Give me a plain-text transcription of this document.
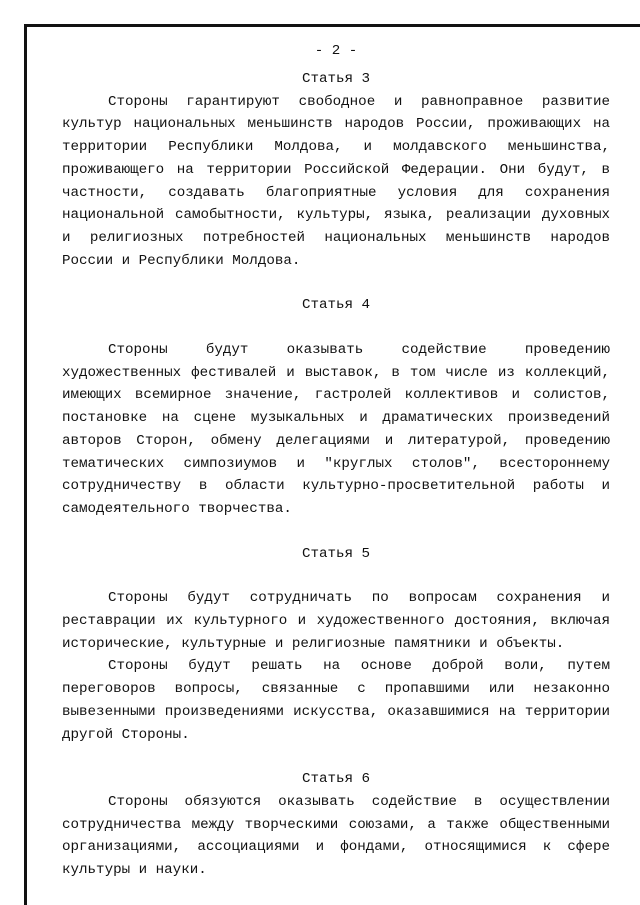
- 2 -
Статья 3

Стороны гарантируют свободное и равноправное развитие культур национальных меньшинств народов России, проживающих на территории Республики Молдова, и молдавского меньшинства, проживающего на территории Российской Федерации. Они будут, в частности, создавать благоприятные условия для сохранения национальной самобытности, культуры, языка, реализации духовных и религиозных потребностей национальных меньшинств народов России и Республики Молдова.

Статья 4

Стороны будут оказывать содействие проведению художественных фестивалей и выставок, в том числе из коллекций, имеющих всемирное значение, гастролей коллективов и солистов, постановке на сцене музыкальных и драматических произведений авторов Сторон, обмену делегациями и литературой, проведению тематических симпозиумов и "круглых столов", всестороннему сотрудничеству в области культурно-просветительной работы и самодеятельного творчества.

Статья 5

Стороны будут сотрудничать по вопросам сохранения и реставрации их культурного и художественного достояния, включая исторические, культурные и религиозные памятники и объекты.

Стороны будут решать на основе доброй воли, путем переговоров вопросы, связанные с пропавшими или незаконно вывезенными произведениями искусства, оказавшимися на территории другой Стороны.

Статья 6

Стороны обязуются оказывать содействие в осуществлении сотрудничества между творческими союзами, а также общественными организациями, ассоциациями и фондами, относящимися к сфере культуры и науки.
